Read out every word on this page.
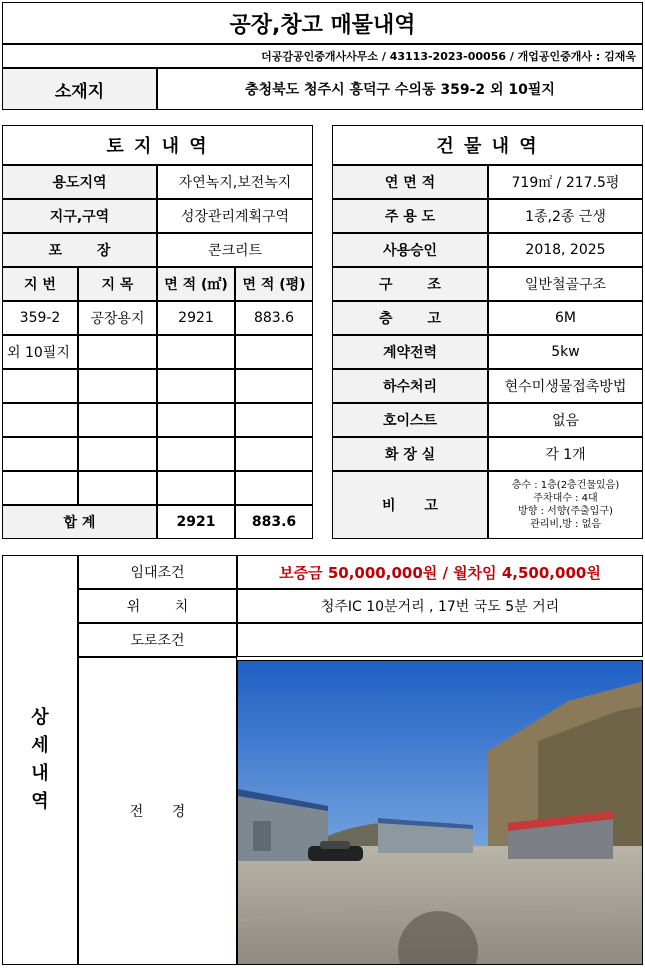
공장,창고 매물내역
더공감공인중개사사무소 / 43113-2023-00056 / 개업공인중개사 : 김재욱
소재지	충청북도 청주시 흥덕구 수의동 359-2 외 10필지
토 지 내 역
용도지역	자연녹지,보전녹지
지구,구역	성장관리계획구역
포 장	콘크리트
지 번	지 목	면 적 (㎡)	면 적 (평)
359-2	공장용지	2921	883.6
외 10필지
합 계	2921	883.6
건 물 내 역
연 면 적	719㎡ / 217.5평
주 용 도	1종,2종 근생
사용승인	2018, 2025
구 조	일반철골구조
층 고	6M
계약전력	5kw
하수처리	현수미생물접촉방법
호이스트	없음
화 장 실	각 1개
비 고
층수 : 1층(2층건물있음)
주차대수 : 4대
방향 : 서향(주출입구)
관리비,방 : 없음
상
세
내
역
임대조건	보증금 50,000,000원 / 월차임 4,500,000원
위 치	청주IC 10분거리 , 17번 국도 5분 거리
도로조건
전 경
